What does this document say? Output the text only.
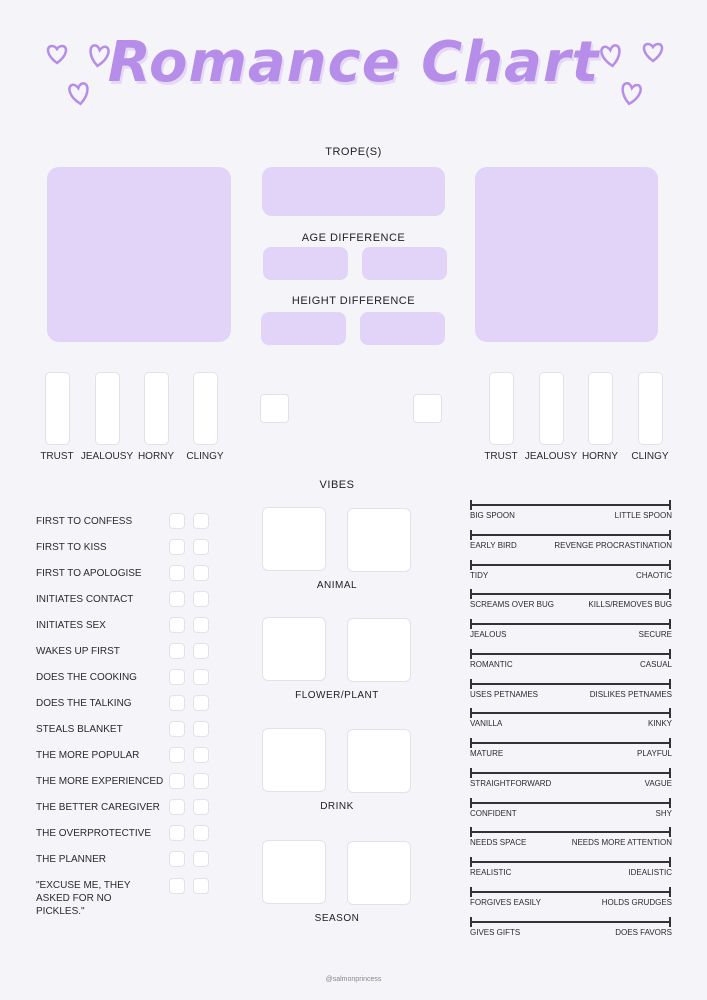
Romance Chart
TROPE(S)
AGE DIFFERENCE
HEIGHT DIFFERENCE
TRUST JEALOUSY HORNY	CLINGY	TRUST JEALOUSY HORNY	CLINGY
VIBES
FIRST TO CONFESS
FIRST TO KISS
FIRST TO APOLOGISE
INITIATES CONTACT
INITIATES SEX
WAKES UP FIRST
DOES THE COOKING
DOES THE TALKING
STEALS BLANKET
THE MORE POPULAR
THE MORE EXPERIENCED
THE BETTER CAREGIVER
THE OVERPROTECTIVE
THE PLANNER
"EXCUSE ME, THEY ASKED FOR NO PICKLES."
ANIMAL
FLOWER/PLANT
DRINK
SEASON
BIG SPOON	LITTLE SPOON
EARLY BIRD	REVENGE PROCRASTINATION
TIDY	CHAOTIC
SCREAMS OVER BUG	KILLS/REMOVES BUG
JEALOUS	SECURE
ROMANTIC	CASUAL
USES PETNAMES	DISLIKES PETNAMES
VANILLA	KINKY
MATURE	PLAYFUL
STRAIGHTFORWARD	VAGUE
CONFIDENT	SHY
NEEDS SPACE	NEEDS MORE ATTENTION
REALISTIC	IDEALISTIC
FORGIVES EASILY	HOLDS GRUDGES
GIVES GIFTS	DOES FAVORS
@salmonprincess
